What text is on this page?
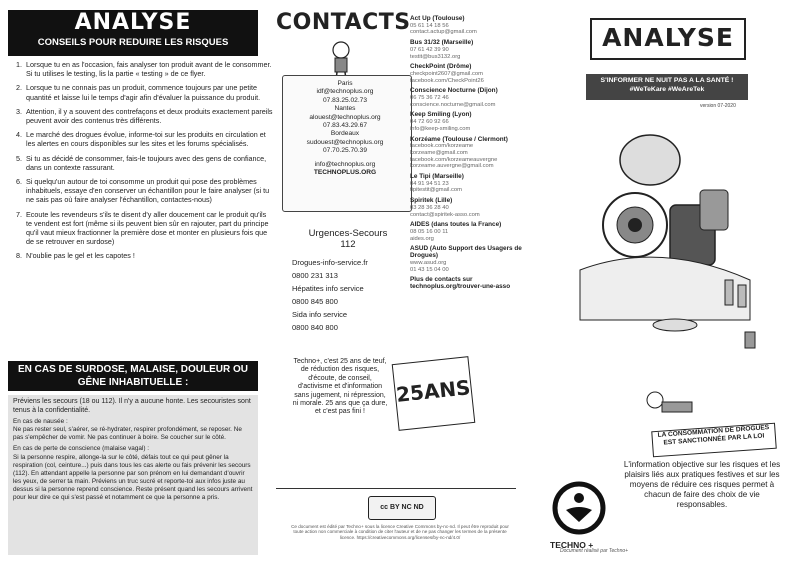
ANALYSE
CONSEILS POUR REDUIRE LES RISQUES
1. Lorsque tu en as l'occasion, fais analyser ton produit avant de le consommer. Si tu utilises le testing, lis la partie « testing » de ce flyer.
2. Lorsque tu ne connais pas un produit, commence toujours par une petite quantité et laisse lui le temps d'agir afin d'évaluer la puissance du produit.
3. Attention, il y a souvent des contrefaçons et deux produits exactement pareils peuvent avoir des contenus très différents.
4. Le marché des drogues évolue, informe-toi sur les produits en circulation et les alertes en cours disponibles sur les sites et les forums spécialisés.
5. Si tu as décidé de consommer, fais-le toujours avec des gens de confiance, dans un contexte rassurant.
6. Si quelqu'un autour de toi consomme un produit qui pose des problèmes inhabituels, essaye d'en conserver un échantillon pour le faire analyser (si tu ne sais pas où faire analyser l'échantillon, contactes-nous)
7. Ecoute les revendeurs s'ils te disent d'y aller doucement car le produit qu'ils te vendent est fort (même si ils peuvent bien sûr en rajouter, part du principe qu'il vaut mieux fractionner la première dose et monter en plusieurs fois que de se retrouver en surdose)
8. N'oublie pas le gel et les capotes !
EN CAS DE SURDOSE, MALAISE, DOULEUR OU GÊNE INHABITUELLE :

Préviens les secours (18 ou 112). Il n'y a aucune honte. Les secouristes sont tenus à la confidentialité.

En cas de nausée :

Ne pas rester seul, s'aérer, se ré-hydrater, respirer profondément, se reposer. Ne pas s'empêcher de vomir. Ne pas continuer à boire. Se coucher sur le côté.

En cas de perte de conscience (malaise vagal) :

Si la personne respire, allonge-la sur le côté, défais tout ce qui peut gêner la respiration (col, ceinture...) puis dans tous les cas alerte ou fais prévenir les secours (112). En attendant appelle la personne par son prénom en lui demandant d'ouvrir les yeux, de serrer ta main. Préviens un truc sucré et reporte-toi aux infos juste au dessus si la personne reprend conscience. Reste présent quand les secours arrivent pour leur dire ce qui s'est passé et notamment ce que la personne a pris.

CONTACTS
Paris
idf@technoplus.org
07.83.25.02.73
Nantes
alouest@technoplus.org
07.83.43.29.67
Bordeaux
sudouest@technoplus.org
07.70.25.70.39
info@technoplus.org
TECHNOPLUS.ORG
Urgences-Secours
112
Drogues-info-service.fr
0800 231 313
Hépatites info service
0800 845 800
Sida info service
0800 840 800
Techno+, c'est 25 ans de teuf, de réduction des risques, d'écoute, de conseil, d'activisme et d'information sans jugement, ni répression, ni morale. 25 ans que ça dure, et c'est pas fini !
25ANS
cc BY NC ND
Ce document est édité par Techno+ sous la licence Creative Commons by-nc-nd. Il peut être reproduit pour toute action non commerciale à condition de citer l'auteur et de ne pas changer les termes de la présente licence. https://creativecommons.org/licenses/by-nc-nd/4.0/
Act Up (Toulouse)
05 61 14 18 56
contact.actup@gmail.com
Bus 31/32 (Marseille)
07 61 42 39 90
testit@bus3132.org
CheckPoint (Drôme)
checkpoint2607@gmail.com
facebook.com/CheckPoint26
Conscience Nocturne (Dijon)
06 75 36 72 46
conscience.nocturne@gmail.com
Keep Smiling (Lyon)
04 72 60 92 66
info@keep-smiling.com
Korzéame (Toulouse / Clermont)
facebook.com/korzeame
korzeame@gmail.com
facebook.com/korzeameauvergne
korzeame.auvergne@gmail.com
Le Tipi (Marseille)
04 91 94 51 23
tipitestit@gmail.com
Spiritek (Lille)
03 28 36 28 40
contact@spiritek-asso.com
AIDES (dans toutes la France)
08 05 16 00 11
aides.org
ASUD (Auto Support des Usagers de Drogues)
www.asud.org
01 43 15 04 00
Plus de contacts sur technoplus.org/trouver-une-asso
ANALYSE
S'INFORMER NE NUIT PAS A LA SANTÉ !
#WeTeKare #WeAreTek
version 07-2020
LA CONSOMMATION DE DROGUES EST SANCTIONNÉE PAR LA LOI
L'information objective sur les risques et les plaisirs liés aux pratiques festives et sur les moyens de réduire ces risques permet à chacun de faire des choix de vie responsables.
TECHNO +
Document réalisé par Techno+
